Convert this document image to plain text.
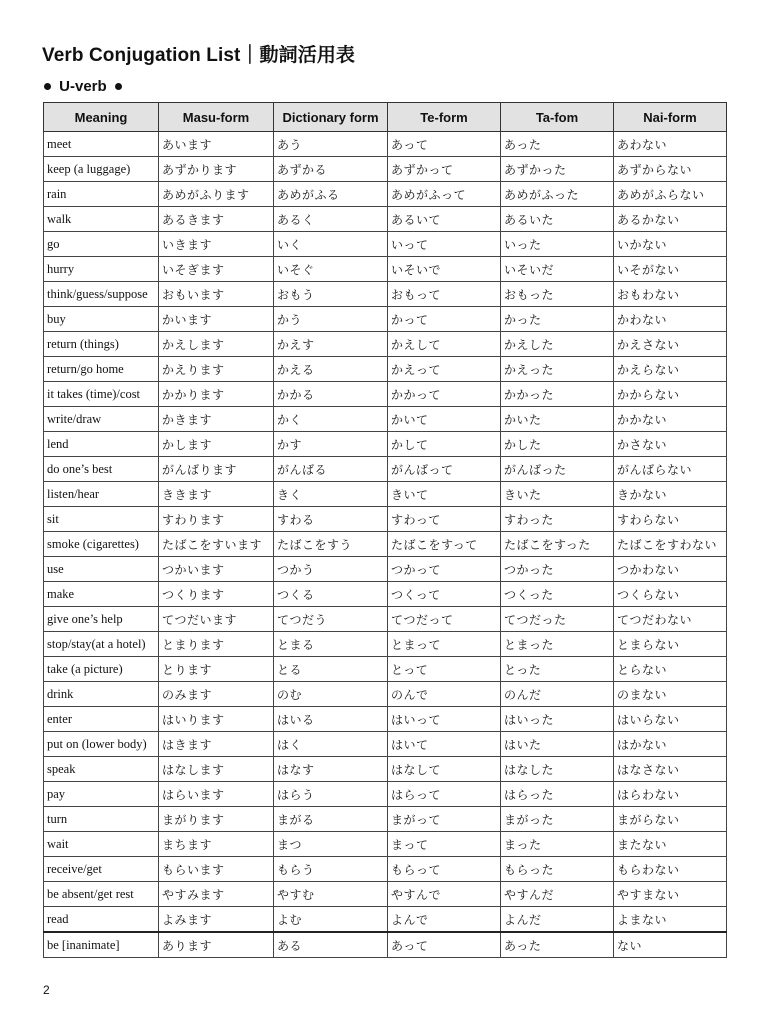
Verb Conjugation List｜動詞活用表
U-verb
Meaning	Masu-form	Dictionary form	Te-form	Ta-fom	Nai-form
meet	あいます	あう	あって	あった	あわない
keep (a luggage)	あずかります	あずかる	あずかって	あずかった	あずからない
rain	あめがふります	あめがふる	あめがふって	あめがふった	あめがふらない
walk	あるきます	あるく	あるいて	あるいた	あるかない
go	いきます	いく	いって	いった	いかない
hurry	いそぎます	いそぐ	いそいで	いそいだ	いそがない
think/guess/suppose	おもいます	おもう	おもって	おもった	おもわない
buy	かいます	かう	かって	かった	かわない
return (things)	かえします	かえす	かえして	かえした	かえさない
return/go home	かえります	かえる	かえって	かえった	かえらない
it takes (time)/cost	かかります	かかる	かかって	かかった	かからない
write/draw	かきます	かく	かいて	かいた	かかない
lend	かします	かす	かして	かした	かさない
do one’s best	がんばります	がんばる	がんばって	がんばった	がんばらない
listen/hear	ききます	きく	きいて	きいた	きかない
sit	すわります	すわる	すわって	すわった	すわらない
smoke (cigarettes)	たばこをすいます	たばこをすう	たばこをすって	たばこをすった	たばこをすわない
use	つかいます	つかう	つかって	つかった	つかわない
make	つくります	つくる	つくって	つくった	つくらない
give one’s help	てつだいます	てつだう	てつだって	てつだった	てつだわない
stop/stay(at a hotel)	とまります	とまる	とまって	とまった	とまらない
take (a picture)	とります	とる	とって	とった	とらない
drink	のみます	のむ	のんで	のんだ	のまない
enter	はいります	はいる	はいって	はいった	はいらない
put on (lower body)	はきます	はく	はいて	はいた	はかない
speak	はなします	はなす	はなして	はなした	はなさない
pay	はらいます	はらう	はらって	はらった	はらわない
turn	まがります	まがる	まがって	まがった	まがらない
wait	まちます	まつ	まって	まった	またない
receive/get	もらいます	もらう	もらって	もらった	もらわない
be absent/get rest	やすみます	やすむ	やすんで	やすんだ	やすまない
read	よみます	よむ	よんで	よんだ	よまない
be [inanimate]	あります	ある	あって	あった	ない
2
